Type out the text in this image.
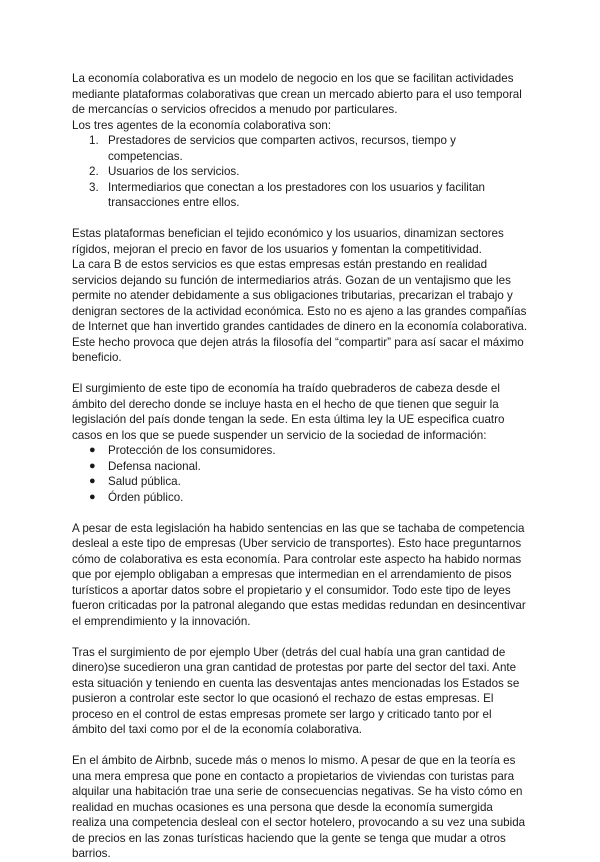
La economía colaborativa es un modelo de negocio en los que se facilitan actividades mediante plataformas colaborativas que crean un mercado abierto para el uso temporal de mercancías o servicios ofrecidos a menudo por particulares.

Los tres agentes de la economía colaborativa son:

1. Prestadores de servicios que comparten activos, recursos, tiempo y competencias.
2. Usuarios de los servicios.
3. Intermediarios que conectan a los prestadores con los usuarios y facilitan transacciones entre ellos.

Estas plataformas benefician el tejido económico y los usuarios, dinamizan sectores rígidos, mejoran el precio en favor de los usuarios y fomentan la competitividad.

La cara B de estos servicios es que estas empresas están prestando en realidad servicios dejando su función de intermediarios atrás. Gozan de un ventajismo que les permite no atender debidamente a sus obligaciones tributarias, precarizan el trabajo y denigran sectores de la actividad económica. Esto no es ajeno a las grandes compañías de Internet que han invertido grandes cantidades de dinero en la economía colaborativa. Este hecho provoca que dejen atrás la filosofía del “compartir” para así sacar el máximo beneficio.

El surgimiento de este tipo de economía ha traído quebraderos de cabeza desde el ámbito del derecho donde se incluye hasta en el hecho de que tienen que seguir la legislación del país donde tengan la sede. En esta última ley la UE especifica cuatro casos en los que se puede suspender un servicio de la sociedad de información:

● Protección de los consumidores.
● Defensa nacional.
● Salud pública.
● Órden público.

A pesar de esta legislación ha habido sentencias en las que se tachaba de competencia desleal a este tipo de empresas (Uber servicio de transportes). Esto hace preguntarnos cómo de colaborativa es esta economía. Para controlar este aspecto ha habido normas que por ejemplo obligaban a empresas que intermedian en el arrendamiento de pisos turísticos a aportar datos sobre el propietario y el consumidor. Todo este tipo de leyes fueron criticadas por la patronal alegando que estas medidas redundan en desincentivar el emprendimiento y la innovación.

Tras el surgimiento de por ejemplo Uber (detrás del cual había una gran cantidad de dinero)se sucedieron una gran cantidad de protestas por parte del sector del taxi. Ante esta situación y teniendo en cuenta las desventajas antes mencionadas los Estados se pusieron a controlar este sector lo que ocasionó el rechazo de estas empresas. El proceso en el control de estas empresas promete ser largo y criticado tanto por el ámbito del taxi como por el de la economía colaborativa.

En el ámbito de Airbnb, sucede más o menos lo mismo. A pesar de que en la teoría es una mera empresa que pone en contacto a propietarios de viviendas con turistas para alquilar una habitación trae una serie de consecuencias negativas. Se ha visto cómo en realidad en muchas ocasiones es una persona que desde la economía sumergida realiza una competencia desleal con el sector hotelero, provocando a su vez una subida de precios en las zonas turísticas haciendo que la gente se tenga que mudar a otros barrios.
